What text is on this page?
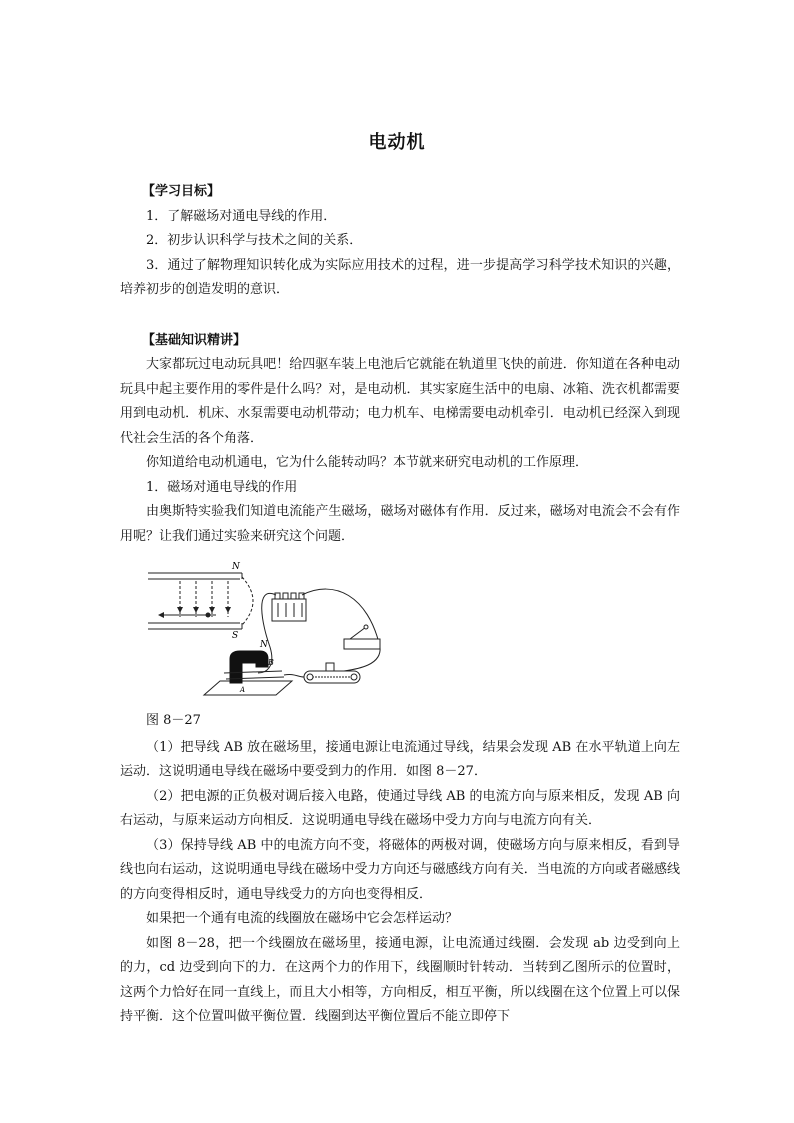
电动机
【学习目标】

1．了解磁场对通电导线的作用．

2．初步认识科学与技术之间的关系．

3．通过了解物理知识转化成为实际应用技术的过程，进一步提高学习科学技术知识的兴趣，培养初步的创造发明的意识．

【基础知识精讲】

大家都玩过电动玩具吧！给四驱车装上电池后它就能在轨道里飞快的前进．你知道在各种电动玩具中起主要作用的零件是什么吗？对，是电动机．其实家庭生活中的电扇、冰箱、洗衣机都需要用到电动机．机床、水泵需要电动机带动；电力机车、电梯需要电动机牵引．电动机已经深入到现代社会生活的各个角落．

你知道给电动机通电，它为什么能转动吗？本节就来研究电动机的工作原理．

1．磁场对通电导线的作用

由奥斯特实验我们知道电流能产生磁场，磁场对磁体有作用．反过来，磁场对电流会不会有作用呢？让我们通过实验来研究这个问题．

N
S
N
B
A
图 8－27

（1）把导线 AB 放在磁场里，接通电源让电流通过导线，结果会发现 AB 在水平轨道上向左运动．这说明通电导线在磁场中要受到力的作用．如图 8－27．

（2）把电源的正负极对调后接入电路，使通过导线 AB 的电流方向与原来相反，发现 AB 向右运动，与原来运动方向相反．这说明通电导线在磁场中受力方向与电流方向有关．

（3）保持导线 AB 中的电流方向不变，将磁体的两极对调，使磁场方向与原来相反，看到导线也向右运动，这说明通电导线在磁场中受力方向还与磁感线方向有关．当电流的方向或者磁感线的方向变得相反时，通电导线受力的方向也变得相反．

如果把一个通有电流的线圈放在磁场中它会怎样运动？

如图 8－28，把一个线圈放在磁场里，接通电源，让电流通过线圈．会发现 ab 边受到向上的力，cd 边受到向下的力．在这两个力的作用下，线圈顺时针转动．当转到乙图所示的位置时，这两个力恰好在同一直线上，而且大小相等，方向相反，相互平衡，所以线圈在这个位置上可以保持平衡．这个位置叫做平衡位置．线圈到达平衡位置后不能立即停下
